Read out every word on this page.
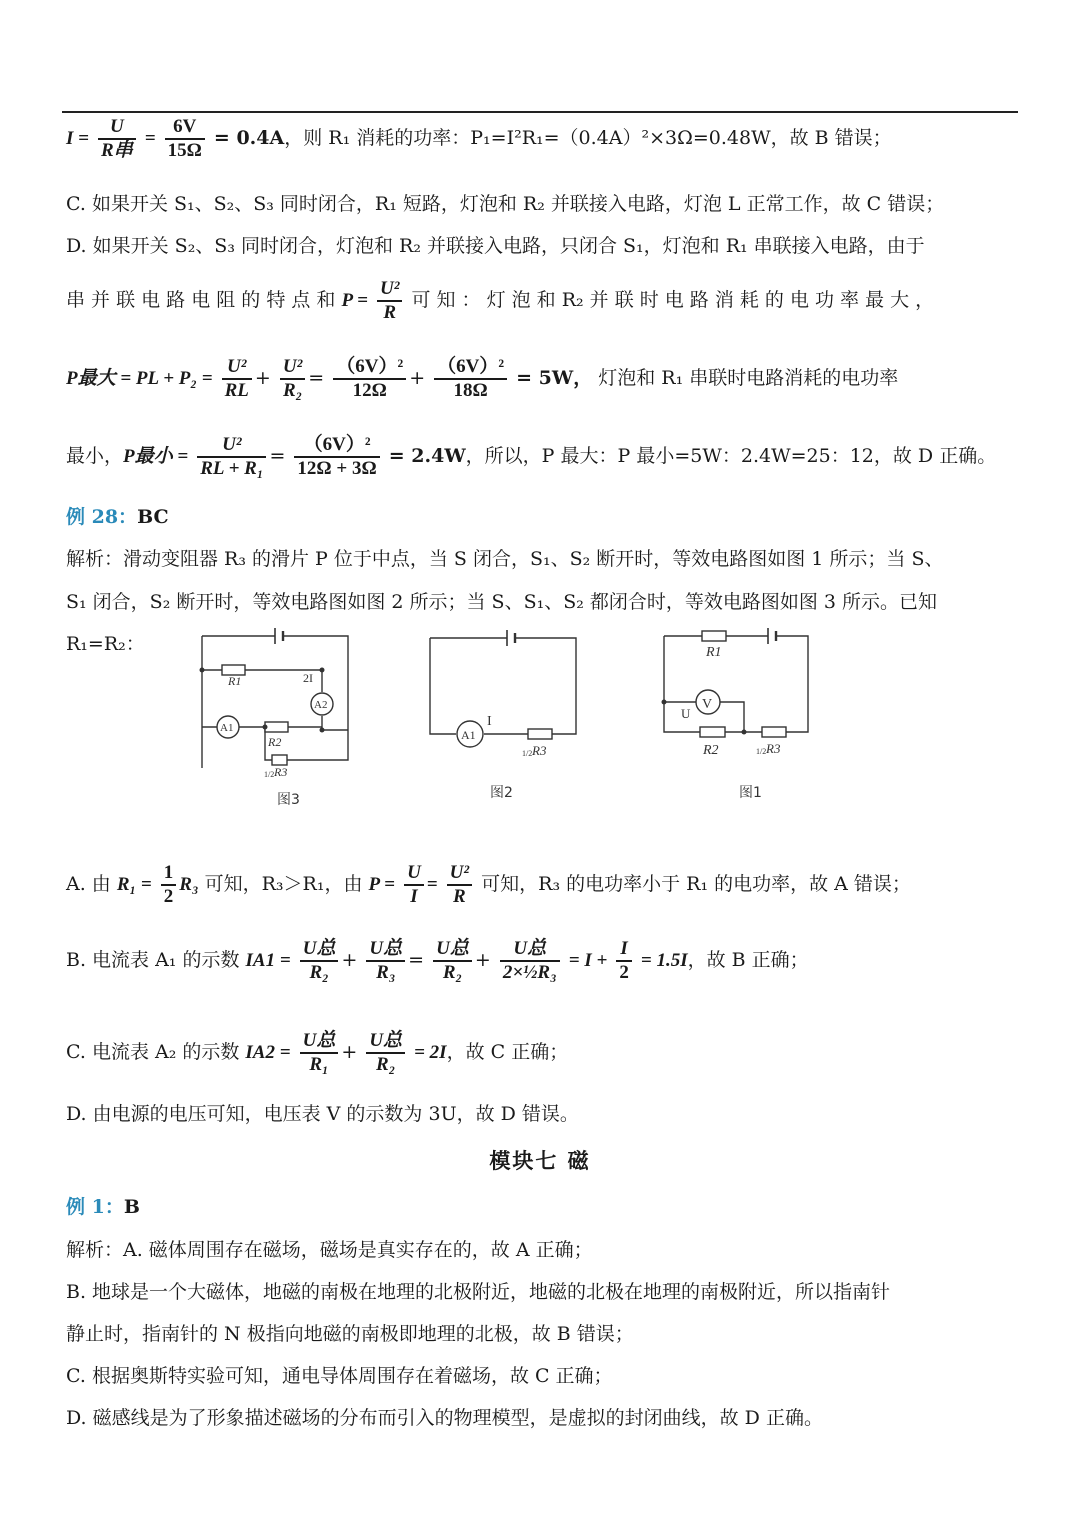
$I = \frac{U}{\text{R串}} = \frac{6V}{15\Omega} = 0.4A$，则 R₁ 消耗的功率：P₁=I²R₁=（0.4A）²×3Ω=0.48W，故 B 错误；
C. 如果开关 S₁、S₂、S₃ 同时闭合，R₁ 短路，灯泡和 R₂ 并联接入电路，灯泡 L 正常工作，故 C 错误；
D. 如果开关 S₂、S₃ 同时闭合，灯泡和 R₂ 并联接入电路，只闭合 S₁，灯泡和 R₁ 串联接入电路，由于
串 并 联 电 路 电 阻 的 特 点 和 $P = \frac{\text{U²}}{R}$ 可 知 ： 灯 泡 和 R₂ 并 联 时 电 路 消 耗 的 电 功 率 最 大 ，
P最大 = PL + $P_2 = \frac{\text{U²}}{RL} + \frac{\text{U²}}{\text{R₂}} = \frac{\text{（6V）²}}{12\Omega} + \frac{\text{（6V）²}}{18\Omega} = 5W$， 灯泡和 R₁ 串联时电路消耗的电功率
最小，P最小 = $\frac{\text{U²}}{\text{RL + R₁}} = \frac{\text{（6V）²}}{12\Omega + 3\Omega} = 2.4W$，所以，P 最大：P 最小=5W：2.4W=25：12，故 D 正确。
例 28：BC
解析：滑动变阻器 R₃ 的滑片 P 位于中点，当 S 闭合，S₁、S₂ 断开时，等效电路图如图 1 所示；当 S、
S₁ 闭合，S₂ 断开时，等效电路图如图 2 所示；当 S、S₁、S₂ 都闭合时，等效电路图如图 3 所示。已知
R₁=R₂：
R1	2I
A2
A1
R2
1/2 R3
图3
A1
I
1/2 R3
图2
R1
V
U
R2	1/2 R3
图1
A. 由 $R_1 = \frac{1}{2} R_3$ 可知，R₃＞R₁，由 $P = \frac{U}{I} = \frac{\text{U²}}{R}$ 可知，R₃ 的电功率小于 R₁ 的电功率，故 A 错误；
B. 电流表 A₁ 的示数 $IA1 = \frac{\text{U总}}{\text{R₂}} + \frac{\text{U总}}{\text{R₃}} = \frac{\text{U总}}{\text{R₂}} + \frac{\text{U总}}{\text{2×½R₃}} = I + \frac{I}{2} = 1.5I$，故 B 正确；
C. 电流表 A₂ 的示数 $IA2 = \frac{\text{U总}}{\text{R₁}} + \frac{\text{U总}}{\text{R₂}} = 2I$，故 C 正确；
D. 由电源的电压可知，电压表 V 的示数为 3U，故 D 错误。
模块七 磁
例 1：B
解析：A. 磁体周围存在磁场，磁场是真实存在的，故 A 正确；
B. 地球是一个大磁体，地磁的南极在地理的北极附近，地磁的北极在地理的南极附近，所以指南针
静止时，指南针的 N 极指向地磁的南极即地理的北极，故 B 错误；
C. 根据奥斯特实验可知，通电导体周围存在着磁场，故 C 正确；
D. 磁感线是为了形象描述磁场的分布而引入的物理模型，是虚拟的封闭曲线，故 D 正确。
